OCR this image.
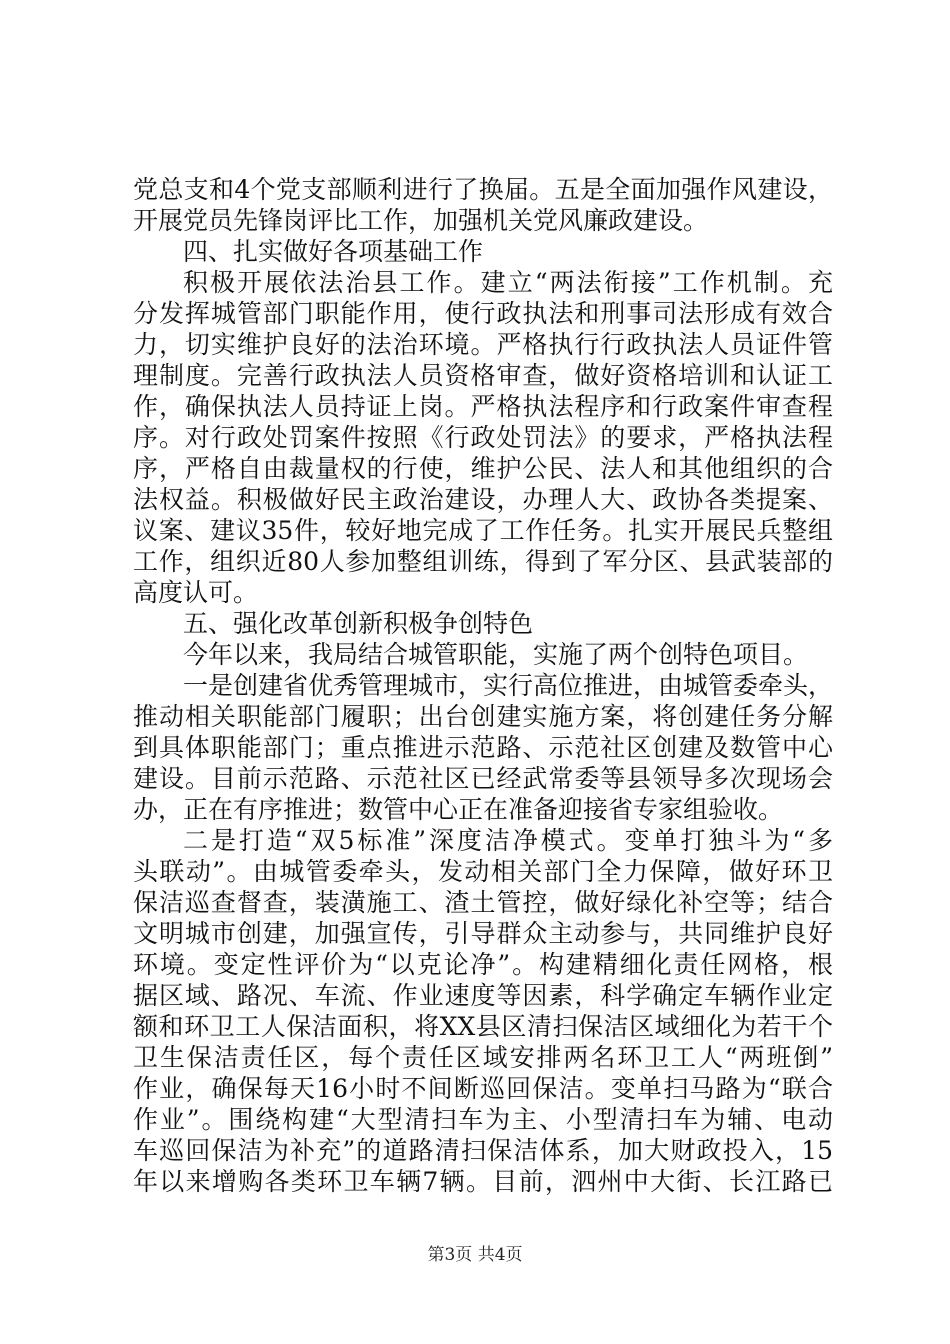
党总支和4个党支部顺利进行了换届。五是全面加强作风建设，
开展党员先锋岗评比工作，加强机关党风廉政建设。
四、扎实做好各项基础工作
积极开展依法治县工作。建立“两法衔接”工作机制。充
分发挥城管部门职能作用，使行政执法和刑事司法形成有效合
力，切实维护良好的法治环境。严格执行行政执法人员证件管
理制度。完善行政执法人员资格审查，做好资格培训和认证工
作，确保执法人员持证上岗。严格执法程序和行政案件审查程
序。对行政处罚案件按照《行政处罚法》的要求，严格执法程
序，严格自由裁量权的行使，维护公民、法人和其他组织的合
法权益。积极做好民主政治建设，办理人大、政协各类提案、
议案、建议35件，较好地完成了工作任务。扎实开展民兵整组
工作，组织近80人参加整组训练，得到了军分区、县武装部的
高度认可。
五、强化改革创新积极争创特色
今年以来，我局结合城管职能，实施了两个创特色项目。
一是创建省优秀管理城市，实行高位推进，由城管委牵头，
推动相关职能部门履职；出台创建实施方案，将创建任务分解
到具体职能部门；重点推进示范路、示范社区创建及数管中心
建设。目前示范路、示范社区已经武常委等县领导多次现场会
办，正在有序推进；数管中心正在准备迎接省专家组验收。
二是打造“双5标准”深度洁净模式。变单打独斗为“多
头联动”。由城管委牵头，发动相关部门全力保障，做好环卫
保洁巡查督查，装潢施工、渣土管控，做好绿化补空等；结合
文明城市创建，加强宣传，引导群众主动参与，共同维护良好
环境。变定性评价为“以克论净”。构建精细化责任网格，根
据区域、路况、车流、作业速度等因素，科学确定车辆作业定
额和环卫工人保洁面积，将XX县区清扫保洁区域细化为若干个
卫生保洁责任区，每个责任区域安排两名环卫工人“两班倒”
作业，确保每天16小时不间断巡回保洁。变单扫马路为“联合
作业”。围绕构建“大型清扫车为主、小型清扫车为辅、电动
车巡回保洁为补充”的道路清扫保洁体系，加大财政投入，15
年以来增购各类环卫车辆7辆。目前，泗州中大街、长江路已
第3页 共4页
